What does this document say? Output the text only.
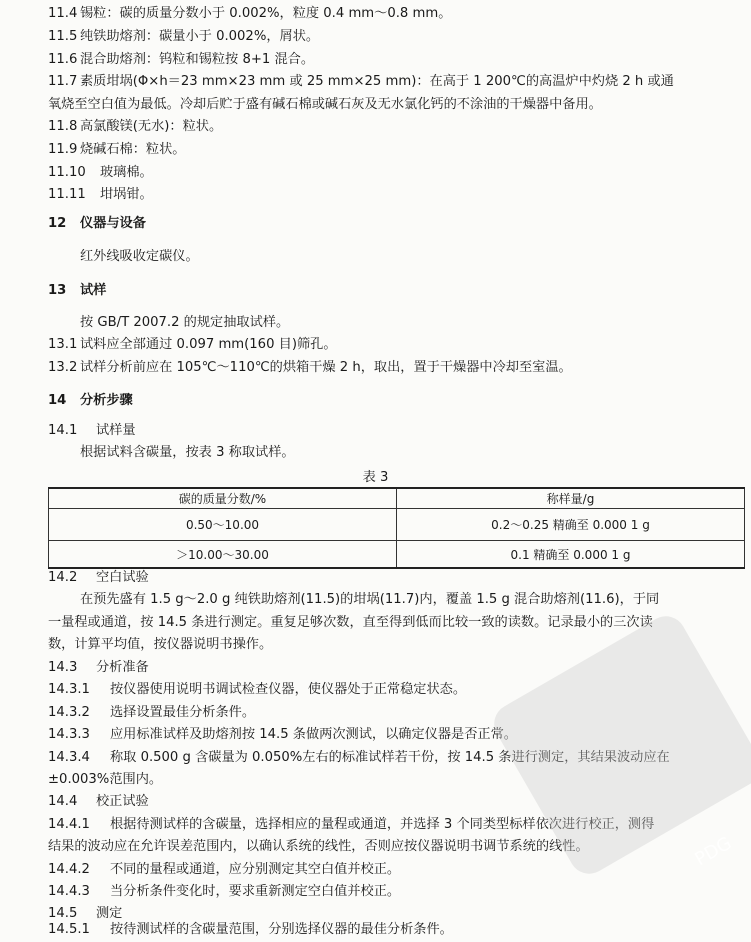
11.4 锡粒：碳的质量分数小于 0.002%，粒度 0.4 mm～0.8 mm。
11.5 纯铁助熔剂：碳量小于 0.002%，屑状。
11.6 混合助熔剂：钨粒和锡粒按 8+1 混合。
11.7 素质坩埚(Φ×h＝23 mm×23 mm 或 25 mm×25 mm)：在高于 1 200℃的高温炉中灼烧 2 h 或通
氧烧至空白值为最低。冷却后贮于盛有碱石棉或碱石灰及无水氯化钙的不涂油的干燥器中备用。
11.8 高氯酸镁(无水)：粒状。
11.9 烧碱石棉：粒状。
11.10 玻璃棉。
11.11 坩埚钳。
12 仪器与设备
红外线吸收定碳仪。
13 试样
按 GB/T 2007.2 的规定抽取试样。
13.1 试料应全部通过 0.097 mm(160 目)筛孔。
13.2 试样分析前应在 105℃～110℃的烘箱干燥 2 h，取出，置于干燥器中冷却至室温。
14 分析步骤
14.1 试样量
根据试料含碳量，按表 3 称取试样。
表 3
碳的质量分数/%	称样量/g
0.50～10.00	0.2～0.25 精确至 0.000 1 g
＞10.00～30.00	0.1 精确至 0.000 1 g
14.2 空白试验
在预先盛有 1.5 g～2.0 g 纯铁助熔剂(11.5)的坩埚(11.7)内，覆盖 1.5 g 混合助熔剂(11.6)，于同
一量程或通道，按 14.5 条进行测定。重复足够次数，直至得到低而比较一致的读数。记录最小的三次读
数，计算平均值，按仪器说明书操作。
14.3 分析准备
14.3.1 按仪器使用说明书调试检查仪器，使仪器处于正常稳定状态。
14.3.2 选择设置最佳分析条件。
14.3.3 应用标准试样及助熔剂按 14.5 条做两次测试，以确定仪器是否正常。
14.3.4 称取 0.500 g 含碳量为 0.050%左右的标准试样若干份，按 14.5 条进行测定，其结果波动应在
±0.003%范围内。
14.4 校正试验
14.4.1 根据待测试样的含碳量，选择相应的量程或通道，并选择 3 个同类型标样依次进行校正，测得
结果的波动应在允许误差范围内，以确认系统的线性，否则应按仪器说明书调节系统的线性。
14.4.2 不同的量程或通道，应分别测定其空白值并校正。
14.4.3 当分析条件变化时，要求重新测定空白值并校正。
14.5 测定
14.5.1 按待测试样的含碳量范围，分别选择仪器的最佳分析条件。
PDG
